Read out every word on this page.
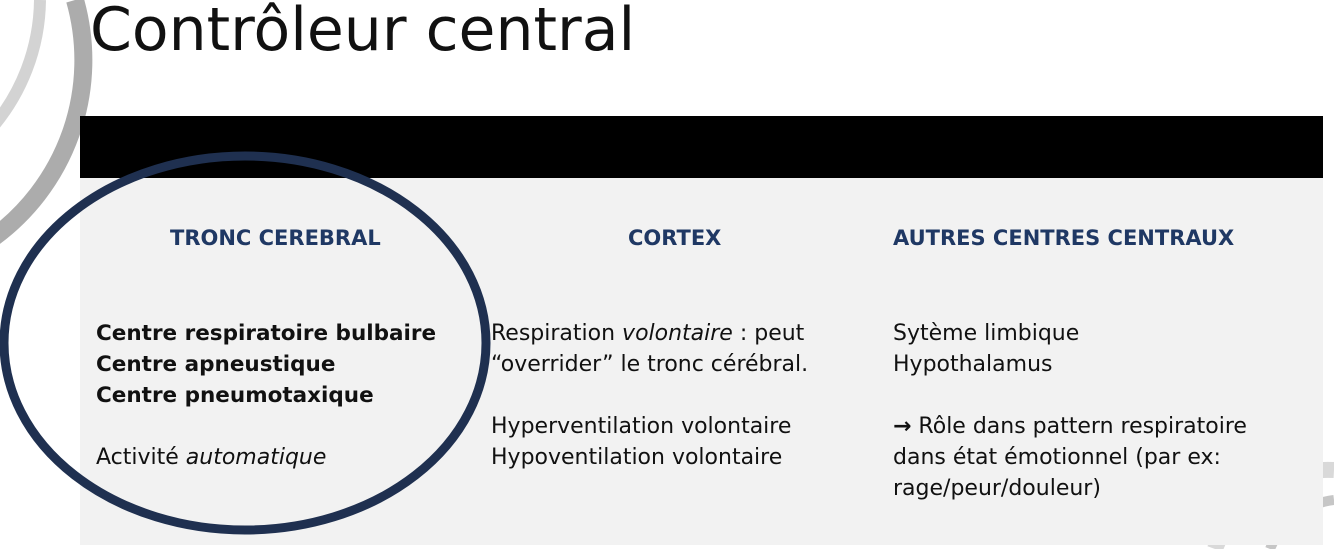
Contrôleur central
TRONC CEREBRAL	CORTEX	AUTRES CENTRES CENTRAUX
Centre respiratoire bulbaire
Centre apneustique
Centre pneumotaxique
Activité automatique
Respiration volontaire : peut
“overrider” le tronc cérébral.
Hyperventilation volontaire
Hypoventilation volontaire
Sytème limbique
Hypothalamus
→ Rôle dans pattern respiratoire
dans état émotionnel (par ex:
rage/peur/douleur)
